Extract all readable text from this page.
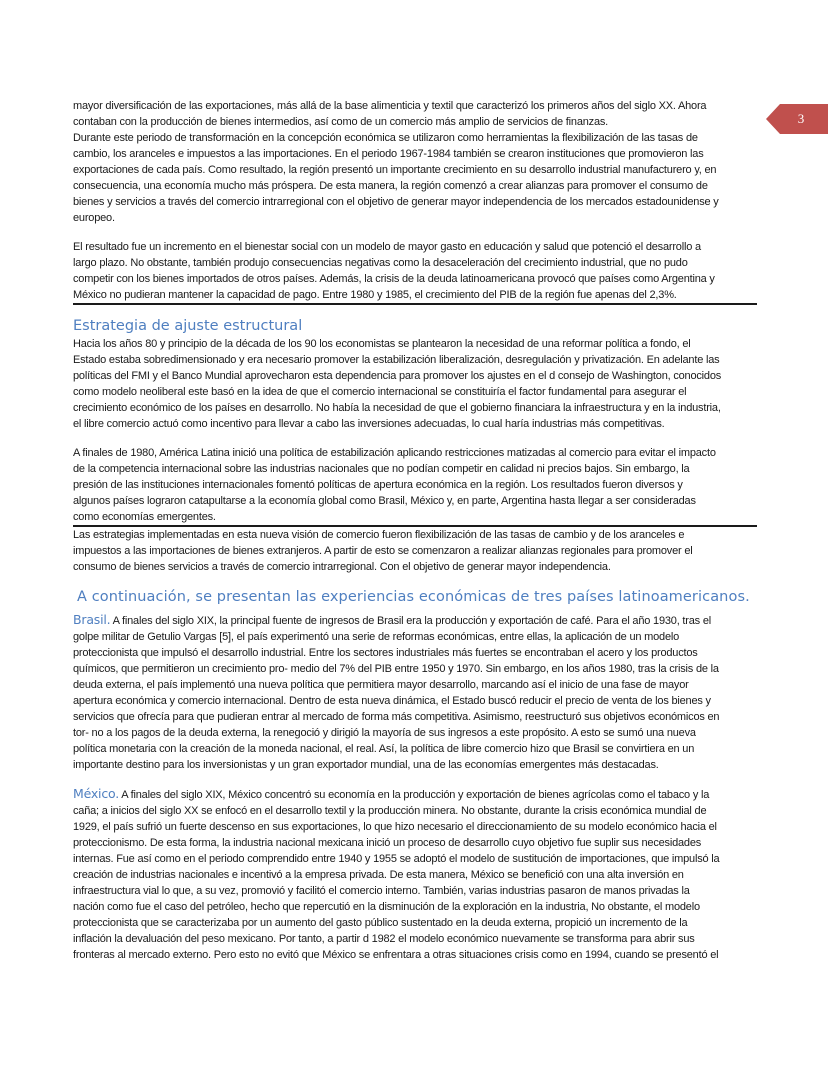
3

mayor diversificación de las exportaciones, más allá de la base alimenticia y textil que caracterizó los primeros años del siglo XX. Ahora

contaban con la producción de bienes intermedios, así como de un comercio más amplio de servicios de finanzas.

Durante este periodo de transformación en la concepción económica se utilizaron como herramientas la flexibilización de las tasas de

cambio, los aranceles e impuestos a las importaciones. En el periodo 1967-1984 también se crearon instituciones que promovieron las

exportaciones de cada país. Como resultado, la región presentó un importante crecimiento en su desarrollo industrial manufacturero y, en

consecuencia, una economía mucho más próspera. De esta manera, la región comenzó a crear alianzas para promover el consumo de

bienes y servicios a través del comercio intrarregional con el objetivo de generar mayor independencia de los mercados estadounidense y

europeo.

El resultado fue un incremento en el bienestar social con un modelo de mayor gasto en educación y salud que potenció el desarrollo a

largo plazo. No obstante, también produjo consecuencias negativas como la desaceleración del crecimiento industrial, que no pudo

competir con los bienes importados de otros países. Además, la crisis de la deuda latinoamericana provocó que países como Argentina y

México no pudieran mantener la capacidad de pago. Entre 1980 y 1985, el crecimiento del PIB de la región fue apenas del 2,3%.

Estrategia de ajuste estructural

Hacia los años 80 y principio de la década de los 90 los economistas se plantearon la necesidad de una reformar política a fondo, el

Estado estaba sobredimensionado y era necesario promover la estabilización liberalización, desregulación y privatización. En adelante las

políticas del FMI y el Banco Mundial aprovecharon esta dependencia para promover los ajustes en el d consejo de Washington, conocidos

como modelo neoliberal este basó en la idea de que el comercio internacional se constituiría el factor fundamental para asegurar el

crecimiento económico de los países en desarrollo. No había la necesidad de que el gobierno financiara la infraestructura y en la industria,

el libre comercio actuó como incentivo para llevar a cabo las inversiones adecuadas, lo cual haría industrias más competitivas.

A finales de 1980, América Latina inició una política de estabilización aplicando restricciones matizadas al comercio para evitar el impacto

de la competencia internacional sobre las industrias nacionales que no podían competir en calidad ni precios bajos. Sin embargo, la

presión de las instituciones internacionales fomentó políticas de apertura económica en la región. Los resultados fueron diversos y

algunos países lograron catapultarse a la economía global como Brasil, México y, en parte, Argentina hasta llegar a ser consideradas

como economías emergentes.

Las estrategias implementadas en esta nueva visión de comercio fueron flexibilización de las tasas de cambio y de los aranceles e

impuestos a las importaciones de bienes extranjeros. A partir de esto se comenzaron a realizar alianzas regionales para promover el

consumo de bienes servicios a través de comercio intrarregional. Con el objetivo de generar mayor independencia.

A continuación, se presentan las experiencias económicas de tres países latinoamericanos.

Brasil. A finales del siglo XIX, la principal fuente de ingresos de Brasil era la producción y exportación de café. Para el año 1930, tras el

golpe militar de Getulio Vargas [5], el país experimentó una serie de reformas económicas, entre ellas, la aplicación de un modelo

proteccionista que impulsó el desarrollo industrial. Entre los sectores industriales más fuertes se encontraban el acero y los productos

químicos, que permitieron un crecimiento pro- medio del 7% del PIB entre 1950 y 1970. Sin embargo, en los años 1980, tras la crisis de la

deuda externa, el país implementó una nueva política que permitiera mayor desarrollo, marcando así el inicio de una fase de mayor

apertura económica y comercio internacional. Dentro de esta nueva dinámica, el Estado buscó reducir el precio de venta de los bienes y

servicios que ofrecía para que pudieran entrar al mercado de forma más competitiva. Asimismo, reestructuró sus objetivos económicos en

tor- no a los pagos de la deuda externa, la renegoció y dirigió la mayoría de sus ingresos a este propósito. A esto se sumó una nueva

política monetaria con la creación de la moneda nacional, el real. Así, la política de libre comercio hizo que Brasil se convirtiera en un

importante destino para los inversionistas y un gran exportador mundial, una de las economías emergentes más destacadas.

México. A finales del siglo XIX, México concentró su economía en la producción y exportación de bienes agrícolas como el tabaco y la

caña; a inicios del siglo XX se enfocó en el desarrollo textil y la producción minera. No obstante, durante la crisis económica mundial de

1929, el país sufrió un fuerte descenso en sus exportaciones, lo que hizo necesario el direccionamiento de su modelo económico hacia el

proteccionismo. De esta forma, la industria nacional mexicana inició un proceso de desarrollo cuyo objetivo fue suplir sus necesidades

internas. Fue así como en el periodo comprendido entre 1940 y 1955 se adoptó el modelo de sustitución de importaciones, que impulsó la

creación de industrias nacionales e incentivó a la empresa privada. De esta manera, México se benefició con una alta inversión en

infraestructura vial lo que, a su vez, promovió y facilitó el comercio interno. También, varias industrias pasaron de manos privadas la

nación como fue el caso del petróleo, hecho que repercutió en la disminución de la exploración en la industria, No obstante, el modelo

proteccionista que se caracterizaba por un aumento del gasto público sustentado en la deuda externa, propició un incremento de la

inflación la devaluación del peso mexicano. Por tanto, a partir d 1982 el modelo económico nuevamente se transforma para abrir sus

fronteras al mercado externo. Pero esto no evitó que México se enfrentara a otras situaciones crisis como en 1994, cuando se presentó el
